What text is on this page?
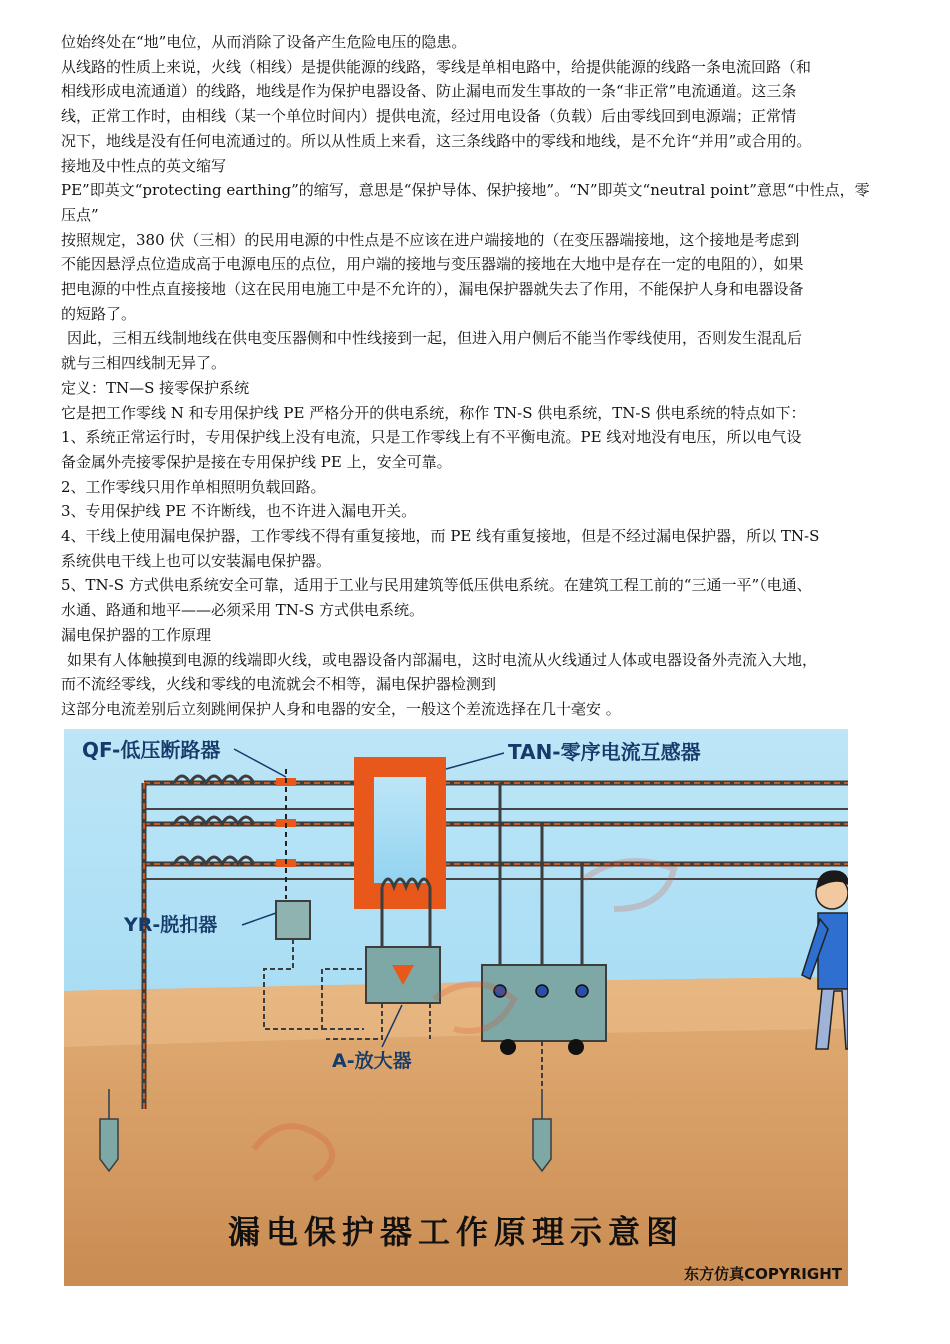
位始终处在“地”电位，从而消除了设备产生危险电压的隐患。
从线路的性质上来说，火线（相线）是提供能源的线路，零线是单相电路中，给提供能源的线路一条电流回路（和
相线形成电流通道）的线路，地线是作为保护电器设备、防止漏电而发生事故的一条“非正常”电流通道。这三条
线，正常工作时，由相线（某一个单位时间内）提供电流，经过用电设备（负载）后由零线回到电源端；正常情
况下，地线是没有任何电流通过的。所以从性质上来看，这三条线路中的零线和地线，是不允许“并用”或合用的。
接地及中性点的英文缩写
PE”即英文“protecting earthing”的缩写，意思是“保护导体、保护接地”。“N”即英文“neutral point”意思“中性点，零
压点”
按照规定，380 伏（三相）的民用电源的中性点是不应该在进户端接地的（在变压器端接地，这个接地是考虑到
不能因悬浮点位造成高于电源电压的点位，用户端的接地与变压器端的接地在大地中是存在一定的电阻的），如果
把电源的中性点直接接地（这在民用电施工中是不允许的），漏电保护器就失去了作用，不能保护人身和电器设备
的短路了。
因此，三相五线制地线在供电变压器侧和中性线接到一起，但进入用户侧后不能当作零线使用，否则发生混乱后
就与三相四线制无异了。
定义：TN—S 接零保护系统
它是把工作零线 N 和专用保护线 PE 严格分开的供电系统，称作 TN-S 供电系统，TN-S 供电系统的特点如下：
1、系统正常运行时，专用保护线上没有电流，只是工作零线上有不平衡电流。PE 线对地没有电压，所以电气设
备金属外壳接零保护是接在专用保护线 PE 上，安全可靠。
2、工作零线只用作单相照明负载回路。
3、专用保护线 PE 不许断线，也不许进入漏电开关。
4、干线上使用漏电保护器，工作零线不得有重复接地，而 PE 线有重复接地，但是不经过漏电保护器，所以 TN-S
系统供电干线上也可以安装漏电保护器。
5、TN-S 方式供电系统安全可靠，适用于工业与民用建筑等低压供电系统。在建筑工程工前的“三通一平”（电通、
水通、路通和地平——必须采用 TN-S 方式供电系统。
漏电保护器的工作原理
如果有人体触摸到电源的线端即火线，或电器设备内部漏电，这时电流从火线通过人体或电器设备外壳流入大地，
而不流经零线，火线和零线的电流就会不相等，漏电保护器检测到
这部分电流差别后立刻跳闸保护人身和电器的安全，一般这个差流选择在几十毫安 。
QF-低压断路器	TAN-零序电流互感器
YR-脱扣器
A-放大器
漏电保护器工作原理示意图
东方仿真COPYRIGHT
